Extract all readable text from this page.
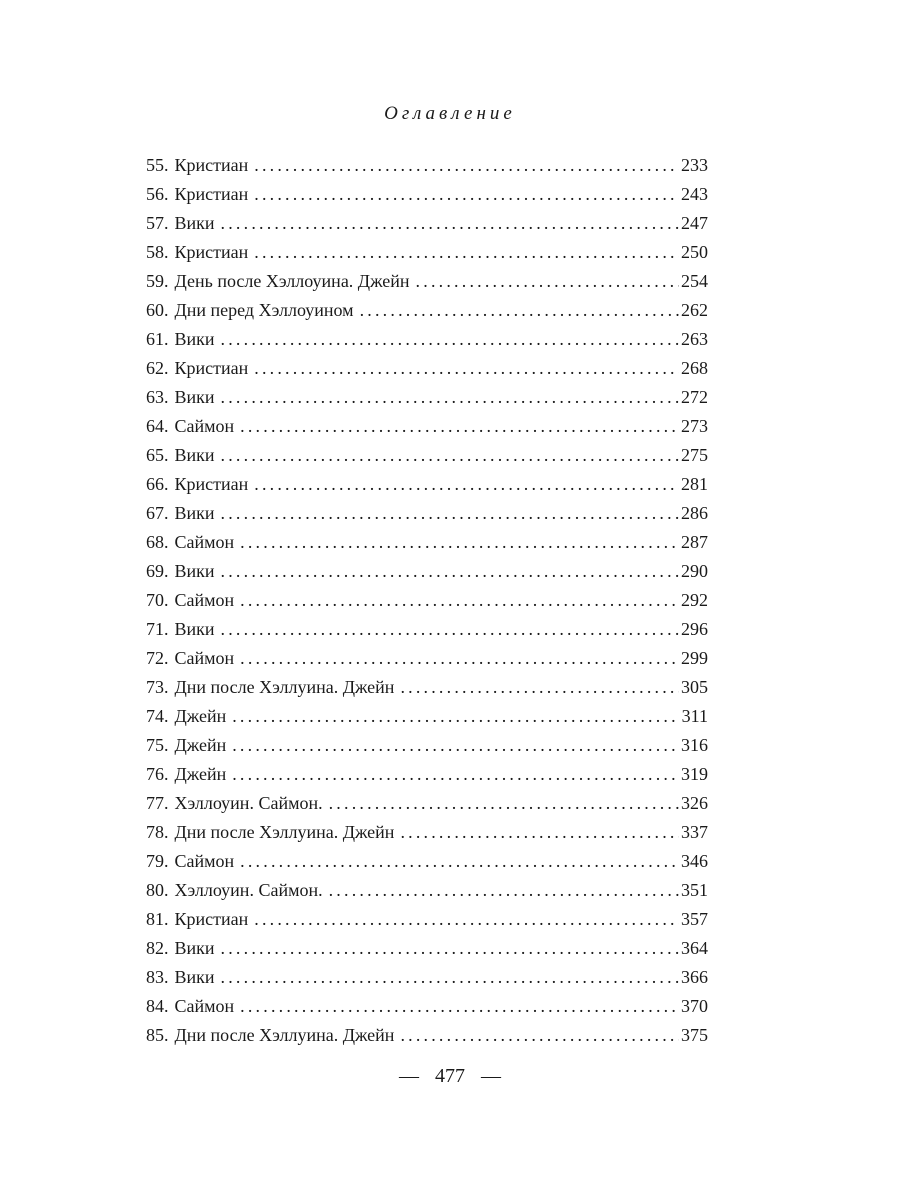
Оглавление
55. Кристиан .....	233
56. Кристиан .....	243
57. Вики .....	247
58. Кристиан .....	250
59. День после Хэллоуина. Джейн .....	254
60. Дни перед Хэллоуином .....	262
61. Вики .....	263
62. Кристиан .....	268
63. Вики .....	272
64. Саймон .....	273
65. Вики .....	275
66. Кристиан .....	281
67. Вики .....	286
68. Саймон .....	287
69. Вики .....	290
70. Саймон .....	292
71. Вики .....	296
72. Саймон .....	299
73. Дни после Хэллуина. Джейн .....	305
74. Джейн .....	311
75. Джейн .....	316
76. Джейн .....	319
77. Хэллоуин. Саймон. .....	326
78. Дни после Хэллуина. Джейн .....	337
79. Саймон .....	346
80. Хэллоуин. Саймон. .....	351
81. Кристиан .....	357
82. Вики .....	364
83. Вики .....	366
84. Саймон .....	370
85. Дни после Хэллуина. Джейн .....	375
— 477 —
